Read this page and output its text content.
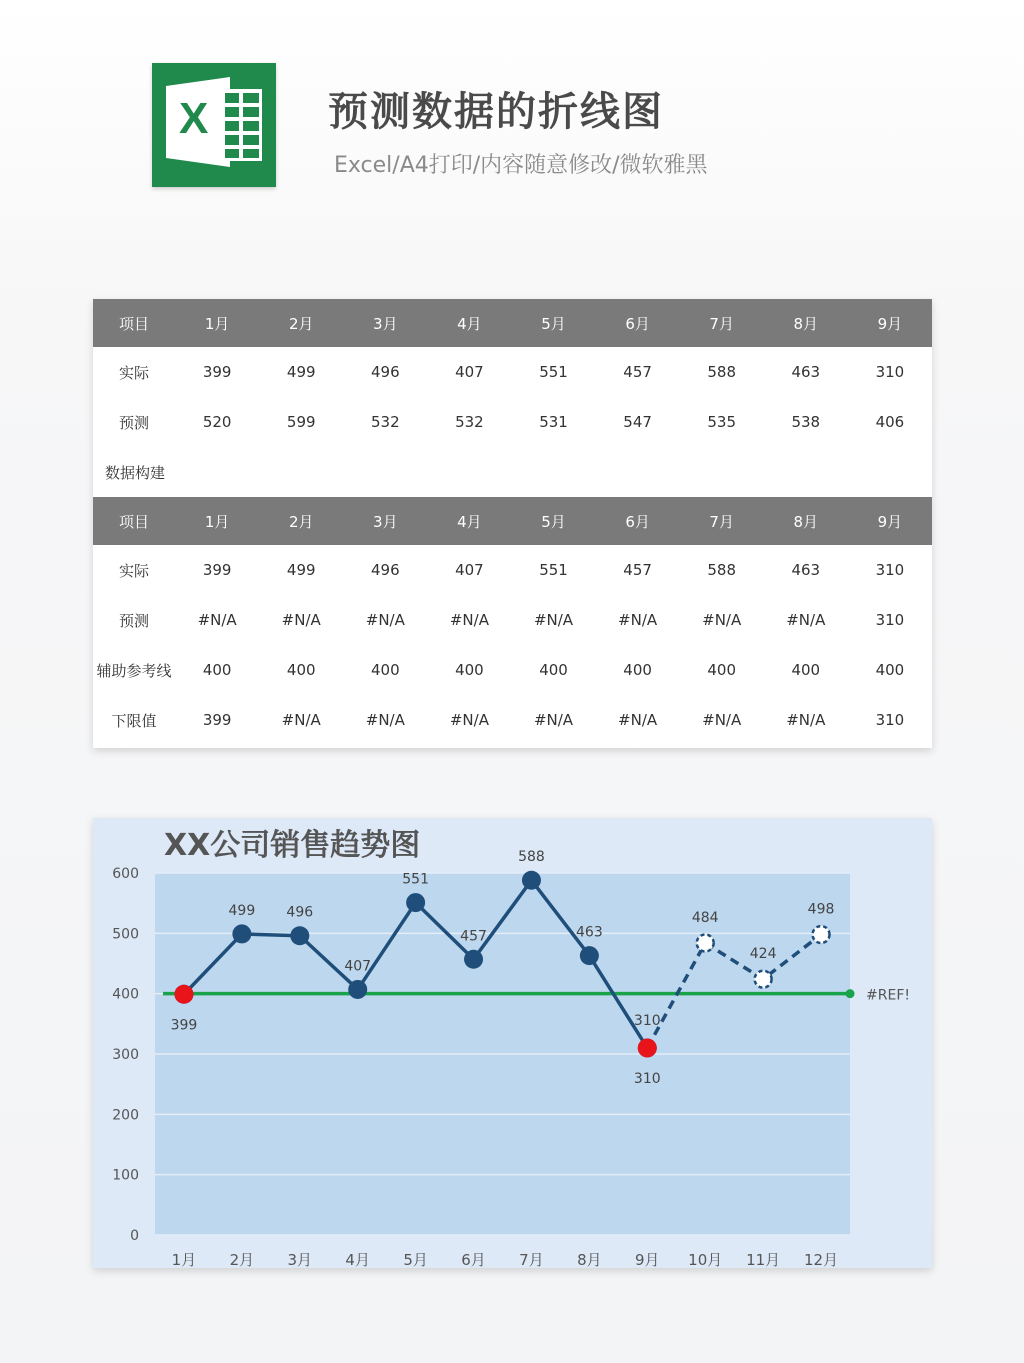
X	预测数据的折线图
Excel/A4打印/内容随意修改/微软雅黑
项目	1月	2月	3月	4月	5月	6月	7月	8月	9月
实际	399	499	496	407	551	457	588	463	310
预测	520	599	532	532	531	547	535	538	406
数据构建									
项目	1月	2月	3月	4月	5月	6月	7月	8月	9月
实际	399	499	496	407	551	457	588	463	310
预测	#N/A	#N/A	#N/A	#N/A	#N/A	#N/A	#N/A	#N/A	310
辅助参考线	400	400	400	400	400	400	400	400	400
下限值	399	#N/A	#N/A	#N/A	#N/A	#N/A	#N/A	#N/A	310
XX公司销售趋势图
0
100
200
300
400
500
600
1月 2月 3月 4月 5月 6月 7月 8月 9月 10月 11月 12月
#REF!
399
499 496
407
551
457
588
463
310
310
484
424
498
